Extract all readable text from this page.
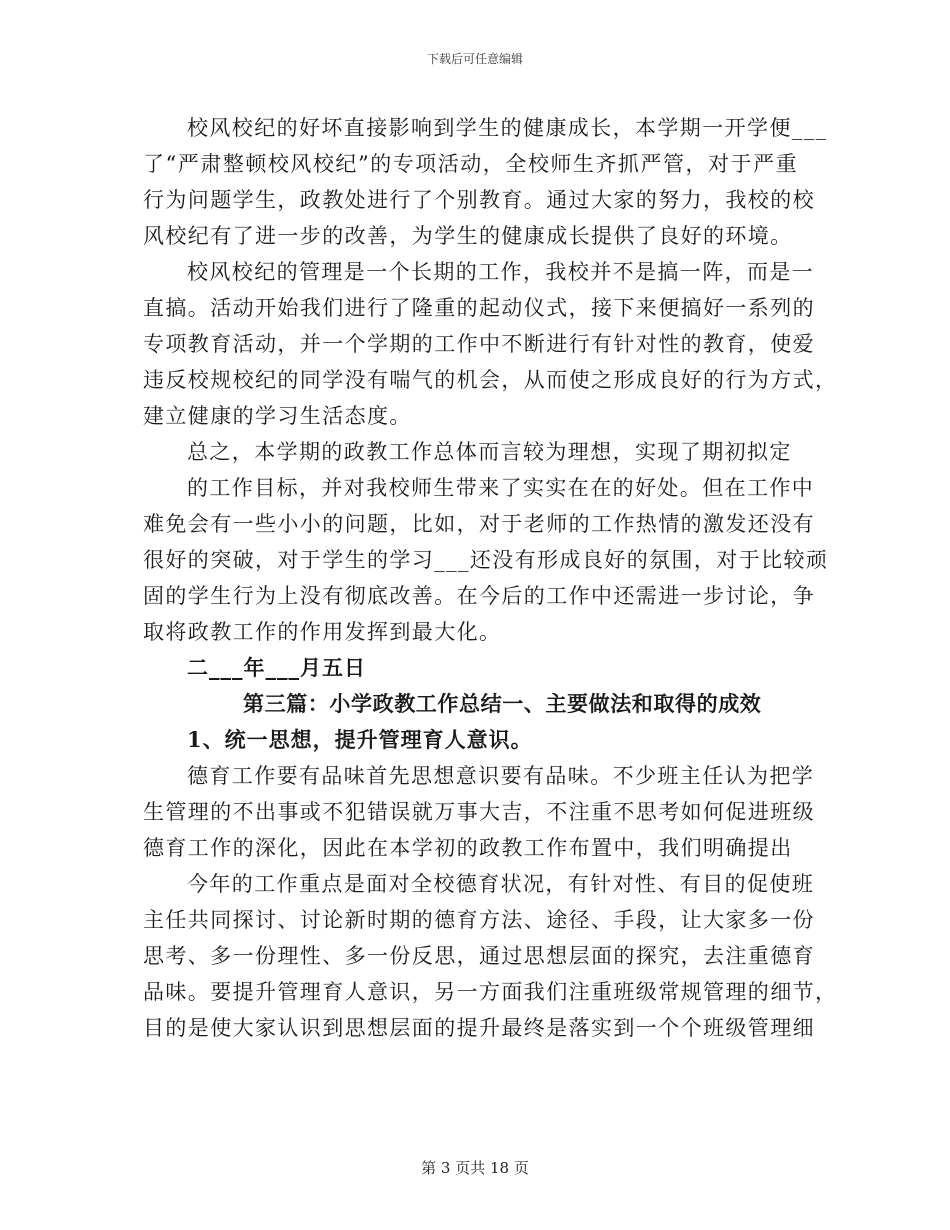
下载后可任意编辑
校风校纪的好坏直接影响到学生的健康成长，本学期一开学便___
了“严肃整顿校风校纪”的专项活动，全校师生齐抓严管，对于严重
行为问题学生，政教处进行了个别教育。通过大家的努力，我校的校
风校纪有了进一步的改善，为学生的健康成长提供了良好的环境。
校风校纪的管理是一个长期的工作，我校并不是搞一阵，而是一
直搞。活动开始我们进行了隆重的起动仪式，接下来便搞好一系列的
专项教育活动，并一个学期的工作中不断进行有针对性的教育，使爱
违反校规校纪的同学没有喘气的机会，从而使之形成良好的行为方式，
建立健康的学习生活态度。
总之，本学期的政教工作总体而言较为理想，实现了期初拟定
的工作目标，并对我校师生带来了实实在在的好处。但在工作中
难免会有一些小小的问题，比如，对于老师的工作热情的激发还没有
很好的突破，对于学生的学习___还没有形成良好的氛围，对于比较顽
固的学生行为上没有彻底改善。在今后的工作中还需进一步讨论，争
取将政教工作的作用发挥到最大化。
二___年___月五日
第三篇：小学政教工作总结一、主要做法和取得的成效
1、统一思想，提升管理育人意识。
德育工作要有品味首先思想意识要有品味。不少班主任认为把学
生管理的不出事或不犯错误就万事大吉，不注重不思考如何促进班级
德育工作的深化，因此在本学初的政教工作布置中，我们明确提出
今年的工作重点是面对全校德育状况，有针对性、有目的促使班
主任共同探讨、讨论新时期的德育方法、途径、手段，让大家多一份
思考、多一份理性、多一份反思，通过思想层面的探究，去注重德育
品味。要提升管理育人意识，另一方面我们注重班级常规管理的细节，
目的是使大家认识到思想层面的提升最终是落实到一个个班级管理细
第 3 页共 18 页
